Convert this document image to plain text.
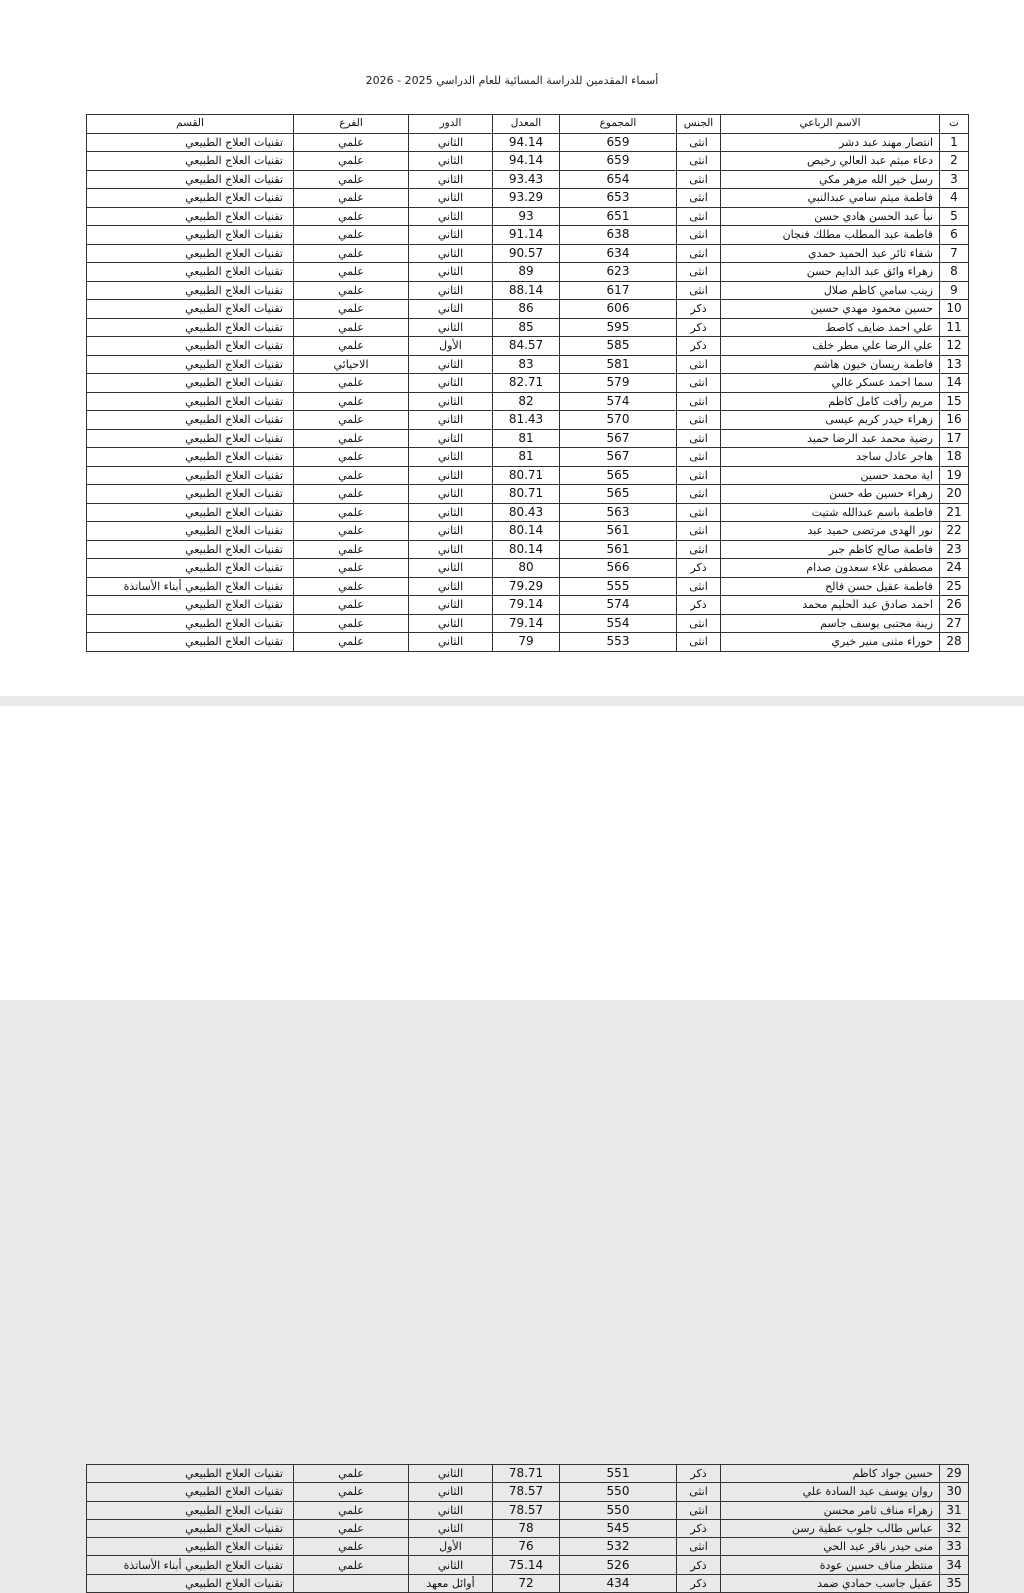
أسماء المقدمين للدراسة المسائية للعام الدراسي 2025 - 2026
ت	الاسم الرباعي	الجنس	المجموع	المعدل	الدور	الفرع	القسم
1	انتصار مهند عبد دشر	انثى	659	94.14	الثاني	علمي	تقنيات العلاج الطبيعي
2	دعاء ميثم عبد العالي رخيص	انثى	659	94.14	الثاني	علمي	تقنيات العلاج الطبيعي
3	رسل خير الله مزهر مكي	انثى	654	93.43	الثاني	علمي	تقنيات العلاج الطبيعي
4	فاطمة ميثم سامي عبدالنبي	انثى	653	93.29	الثاني	علمي	تقنيات العلاج الطبيعي
5	نبأ عبد الحسن هادي حسن	انثى	651	93	الثاني	علمي	تقنيات العلاج الطبيعي
6	فاطمة عبد المطلب مطلك فنجان	انثى	638	91.14	الثاني	علمي	تقنيات العلاج الطبيعي
7	شفاء ثائر عبد الحميد حمدي	انثى	634	90.57	الثاني	علمي	تقنيات العلاج الطبيعي
8	زهراء وائق عبد الدايم حسن	انثى	623	89	الثاني	علمي	تقنيات العلاج الطبيعي
9	زينب سامي كاظم صلال	انثى	617	88.14	الثاني	علمي	تقنيات العلاج الطبيعي
10	حسين محمود مهدي حسين	ذكر	606	86	الثاني	علمي	تقنيات العلاج الطبيعي
11	علي احمد ضايف كاصط	ذكر	595	85	الثاني	علمي	تقنيات العلاج الطبيعي
12	علي الرضا علي مطر خلف	ذكر	585	84.57	الأول	علمي	تقنيات العلاج الطبيعي
13	فاطمة ريسان خيون هاشم	انثى	581	83	الثاني	الاحيائي	تقنيات العلاج الطبيعي
14	سما احمد عسكر غالي	انثى	579	82.71	الثاني	علمي	تقنيات العلاج الطبيعي
15	مريم رأفت كامل كاظم	انثى	574	82	الثاني	علمي	تقنيات العلاج الطبيعي
16	زهراء حيدر كريم عيسى	انثى	570	81.43	الثاني	علمي	تقنيات العلاج الطبيعي
17	رضية محمد عبد الرضا حميد	انثى	567	81	الثاني	علمي	تقنيات العلاج الطبيعي
18	هاجر عادل ساجد	انثى	567	81	الثاني	علمي	تقنيات العلاج الطبيعي
19	اية محمد حسين	انثى	565	80.71	الثاني	علمي	تقنيات العلاج الطبيعي
20	زهراء حسين طه حسن	انثى	565	80.71	الثاني	علمي	تقنيات العلاج الطبيعي
21	فاطمة باسم عبدالله شتيت	انثى	563	80.43	الثاني	علمي	تقنيات العلاج الطبيعي
22	نور الهدى مرتضى حميد عبد	انثى	561	80.14	الثاني	علمي	تقنيات العلاج الطبيعي
23	فاطمة صالح كاظم جبر	انثى	561	80.14	الثاني	علمي	تقنيات العلاج الطبيعي
24	مصطفى علاء سعدون صدام	ذكر	566	80	الثاني	علمي	تقنيات العلاج الطبيعي
25	فاطمة عقيل حسن فالح	انثى	555	79.29	الثاني	علمي	تقنيات العلاج الطبيعي أبناء الأساتذة
26	احمد صادق عبد الحليم محمد	ذكر	574	79.14	الثاني	علمي	تقنيات العلاج الطبيعي
27	زينة مجتبى يوسف جاسم	انثى	554	79.14	الثاني	علمي	تقنيات العلاج الطبيعي
28	حوراء مثنى منير خيري	انثى	553	79	الثاني	علمي	تقنيات العلاج الطبيعي
29	حسين جواد كاظم	ذكر	551	78.71	الثاني	علمي	تقنيات العلاج الطبيعي
30	روان يوسف عبد السادة علي	انثى	550	78.57	الثاني	علمي	تقنيات العلاج الطبيعي
31	زهراء مناف ثامر محسن	انثى	550	78.57	الثاني	علمي	تقنيات العلاج الطبيعي
32	عباس طالب جلوب عطية رسن	ذكر	545	78	الثاني	علمي	تقنيات العلاج الطبيعي
33	منى حيدر باقر عبد الحي	انثى	532	76	الأول	علمي	تقنيات العلاج الطبيعي
34	منتظر مناف حسين عودة	ذكر	526	75.14	الثاني	علمي	تقنيات العلاج الطبيعي أبناء الأساتذة
35	عقيل جاسب حمادي ضمد	ذكر	434	72	أوائل معهد		تقنيات العلاج الطبيعي
